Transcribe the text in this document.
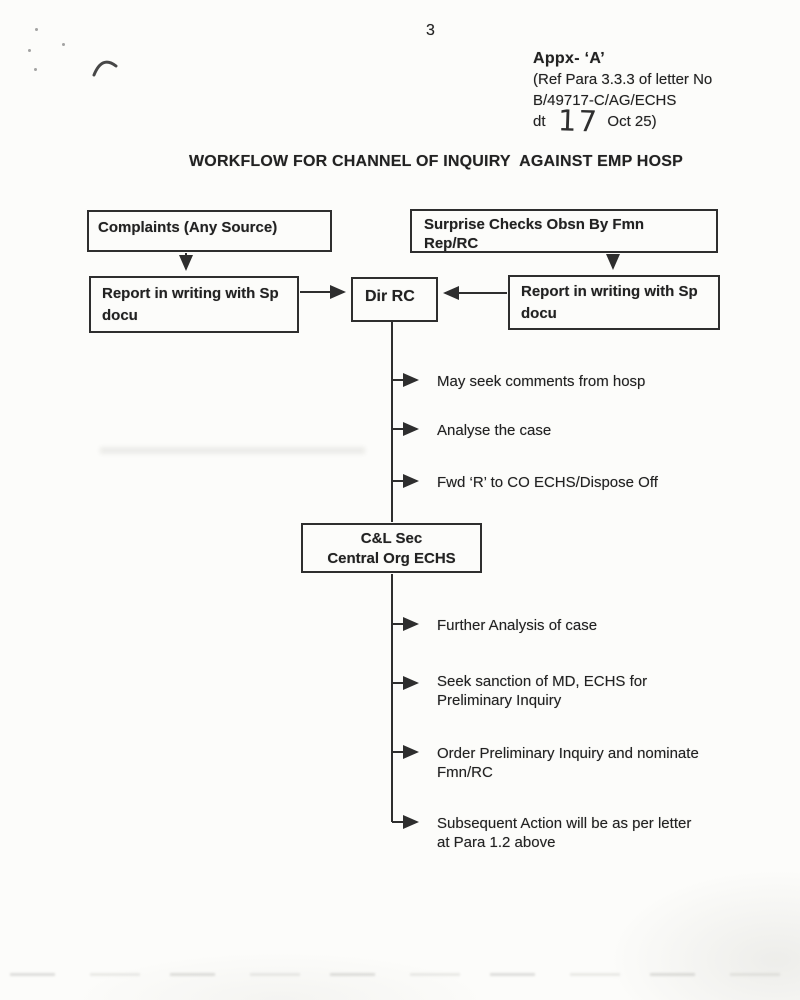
3
Appx- ‘A’
(Ref Para 3.3.3 of letter No
B/49717-C/AG/ECHS
dt 17 Oct 25)
WORKFLOW FOR CHANNEL OF INQUIRY  AGAINST EMP HOSP
Complaints (Any Source)	Surprise Checks Obsn By Fmn
Rep/RC
Report in writing with Sp
docu
Dir RC	Report in writing with Sp
docu
C&L Sec
Central Org ECHS
May seek comments from hosp
Analyse the case
Fwd ‘R’ to CO ECHS/Dispose Off
Further Analysis of case
Seek sanction of MD, ECHS for
Preliminary Inquiry
Order Preliminary Inquiry and nominate
Fmn/RC
Subsequent Action will be as per letter
at Para 1.2 above
